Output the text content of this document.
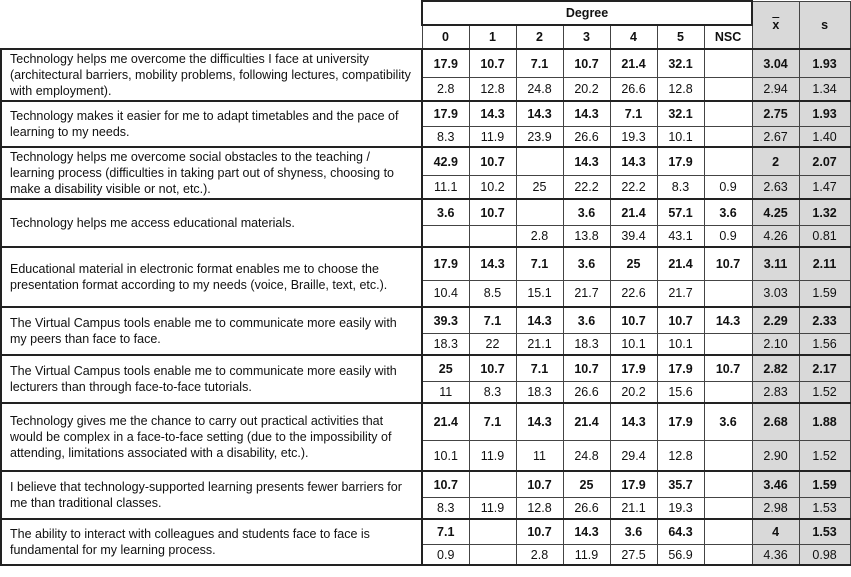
	Degree							$\overline{x}$	s
	0	1	2	3	4	5	NSC		
Technology helps me overcome the difficulties I face at university (architectural barriers, mobility problems, following lectures, compatibility with employment).	17.9	10.7	7.1	10.7	21.4	32.1		3.04	1.93
	2.8	12.8	24.8	20.2	26.6	12.8		2.94	1.34
Technology makes it easier for me to adapt timetables and the pace of learning to my needs.	17.9	14.3	14.3	14.3	7.1	32.1		2.75	1.93
	8.3	11.9	23.9	26.6	19.3	10.1		2.67	1.40
Technology helps me overcome social obstacles to the teaching / learning process (difficulties in taking part out of shyness, choosing to make a disability visible or not, etc.).	42.9	10.7		14.3	14.3	17.9		2	2.07
	11.1	10.2	25	22.2	22.2	8.3	0.9	2.63	1.47
Technology helps me access educational materials.	3.6	10.7		3.6	21.4	57.1	3.6	4.25	1.32
			2.8	13.8	39.4	43.1	0.9	4.26	0.81
Educational material in electronic format enables me to choose the presentation format according to my needs (voice, Braille, text, etc.).	17.9	14.3	7.1	3.6	25	21.4	10.7	3.11	2.11
	10.4	8.5	15.1	21.7	22.6	21.7		3.03	1.59
The Virtual Campus tools enable me to communicate more easily with my peers than face to face.	39.3	7.1	14.3	3.6	10.7	10.7	14.3	2.29	2.33
	18.3	22	21.1	18.3	10.1	10.1		2.10	1.56
The Virtual Campus tools enable me to communicate more easily with lecturers than through face-to-face tutorials.	25	10.7	7.1	10.7	17.9	17.9	10.7	2.82	2.17
	11	8.3	18.3	26.6	20.2	15.6		2.83	1.52
Technology gives me the chance to carry out practical activities that would be complex in a face-to-face setting (due to the impossibility of attending, limitations associated with a disability, etc.).	21.4	7.1	14.3	21.4	14.3	17.9	3.6	2.68	1.88
	10.1	11.9	11	24.8	29.4	12.8		2.90	1.52
I believe that technology-supported learning presents fewer barriers for me than traditional classes.	10.7		10.7	25	17.9	35.7		3.46	1.59
	8.3	11.9	12.8	26.6	21.1	19.3		2.98	1.53
The ability to interact with colleagues and students face to face is fundamental for my learning process.	7.1		10.7	14.3	3.6	64.3		4	1.53
	0.9		2.8	11.9	27.5	56.9		4.36	0.98
